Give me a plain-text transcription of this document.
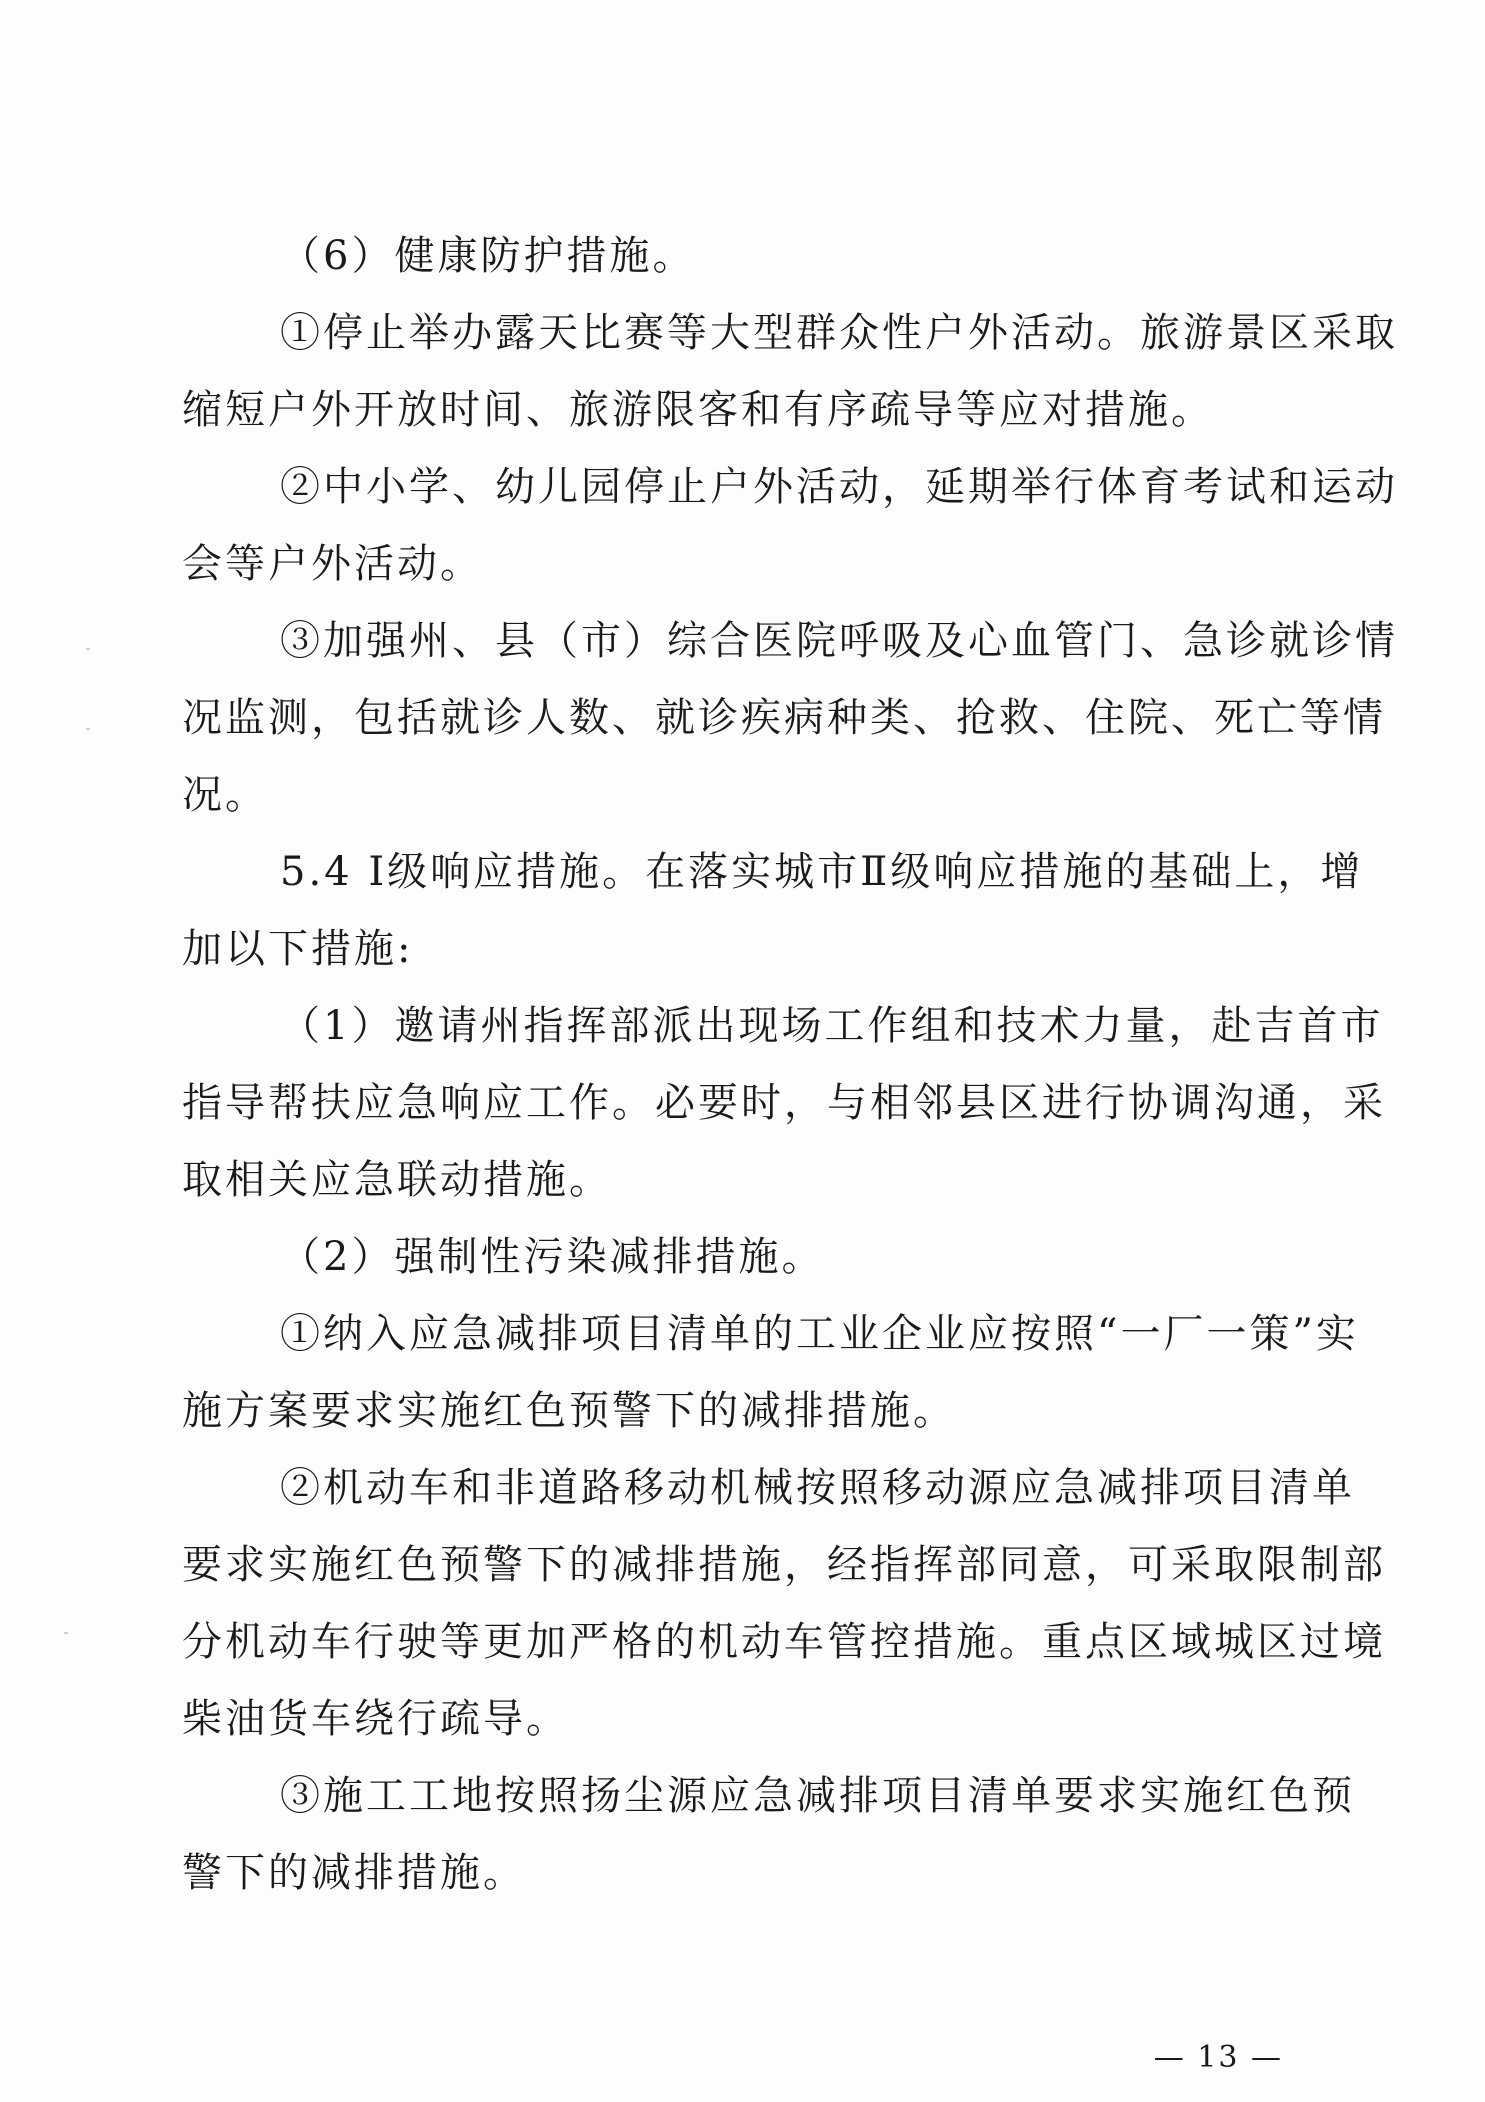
（6）健康防护措施。
①停止举办露天比赛等大型群众性户外活动。旅游景区采取
缩短户外开放时间、旅游限客和有序疏导等应对措施。
②中小学、幼儿园停止户外活动，延期举行体育考试和运动
会等户外活动。
③加强州、县（市）综合医院呼吸及心血管门、急诊就诊情
况监测，包括就诊人数、就诊疾病种类、抢救、住院、死亡等情
况。
5.4 I级响应措施。在落实城市Ⅱ级响应措施的基础上，增
加以下措施:
（1）邀请州指挥部派出现场工作组和技术力量，赴吉首市
指导帮扶应急响应工作。必要时，与相邻县区进行协调沟通，采
取相关应急联动措施。
（2）强制性污染减排措施。
①纳入应急减排项目清单的工业企业应按照“一厂一策”实
施方案要求实施红色预警下的减排措施。
②机动车和非道路移动机械按照移动源应急减排项目清单
要求实施红色预警下的减排措施，经指挥部同意，可采取限制部
分机动车行驶等更加严格的机动车管控措施。重点区域城区过境
柴油货车绕行疏导。
③施工工地按照扬尘源应急减排项目清单要求实施红色预
警下的减排措施。
— 13 —
